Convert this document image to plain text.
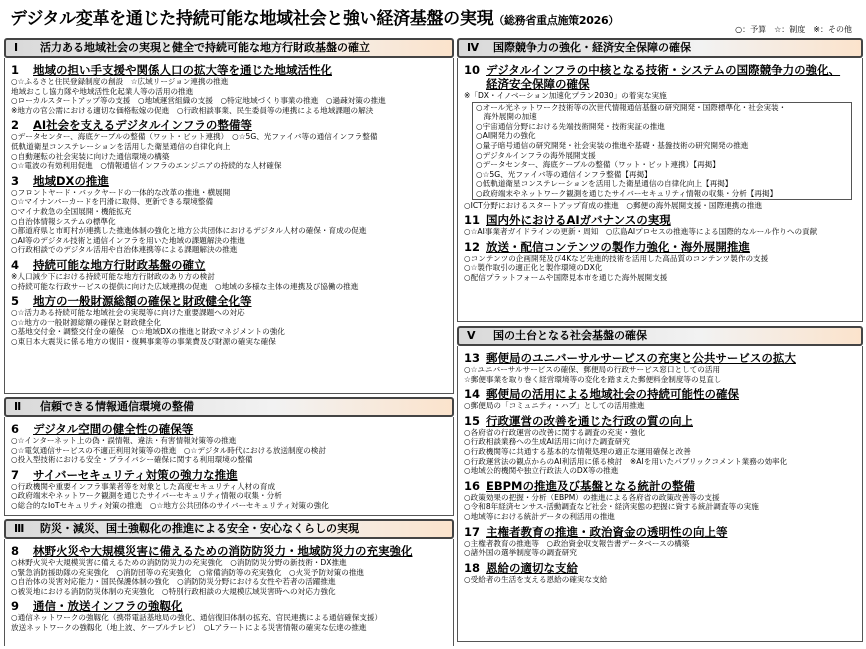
デジタル変革を通じた持続可能な地域社会と強い経済基盤の実現（総務省重点施策2026）
○：予算　☆：制度　※：その他
Ⅰ 活力ある地域社会の実現と健全で持続可能な地方行財政基盤の確立
1 地域の担い手支援や関係人口の拡大等を通じた地域活性化
○☆ふるさと住民登録制度の創設　☆広域リージョン連携の推進
地域おこし協力隊や地域活性化起業人等の活用の推進
○ローカルスタートアップ等の支援　○地域運営組織の支援　○特定地域づくり事業の推進　○過疎対策の推進
※地方の官公需における適切な価格転嫁の促進　○行政相談事業、民生委員等の連携による地域課題の解決
2 AI社会を支えるデジタルインフラの整備等
○データセンター、海底ケーブルの整備（ワット・ビット連携）　○☆5G、光ファイバ等の通信インフラ整備
低軌道衛星コンステレーションを活用した衛星通信の自律化向上
○自動運転の社会実装に向けた通信環境の構築
○☆電波の有効利用促進　○情報通信インフラのエンジニアの持続的な人材確保
3 地域DXの推進
○フロントヤード・バックヤードの一体的な改革の推進・横展開
○☆マイナンバーカードを円滑に取得、更新できる環境整備
○マイナ救急の全国展開・機能拡充
○自治体情報システムの標準化
○都道府県と市町村が連携した推進体制の強化と地方公共団体におけるデジタル人材の確保・育成の促進
○AI等のデジタル技術と通信インフラを用いた地域の課題解決の推進
○行政相談でのデジタル活用や自治体連携等による課題解決の推進
4 持続可能な地方行財政基盤の確立
※人口減少下における持続可能な地方行財政のあり方の検討
○持続可能な行政サービスの提供に向けた広域連携の促進　○地域の多様な主体の連携及び協働の推進
5 地方の一般財源総額の確保と財政健全化等
○☆活力ある持続可能な地域社会の実現等に向けた重要課題への対応
○☆地方の一般財源総額の確保と財政健全化
○基地交付金・調整交付金の確保　○☆地域DXの推進と財政マネジメントの強化
○東日本大震災に係る地方の復旧・復興事業等の事業費及び財源の確実な確保
Ⅱ 信頼できる情報通信環境の整備
6 デジタル空間の健全性の確保等
○☆インターネット上の偽・誤情報、違法・有害情報対策等の推進
○☆電気通信サービスの不適正利用対策等の推進　○☆デジタル時代における放送制度の検討
○投入型技術における安全・プライバシー確保に関する利用環境の整備
7 サイバーセキュリティ対策の強力な推進
○行政機関や重要インフラ事業者等を対象とした高度セキュリティ人材の育成
○政府端末やネットワーク観測を通じたサイバーセキュリティ情報の収集・分析
○総合的なIoTセキュリティ対策の推進　○☆地方公共団体のサイバーセキュリティ対策の強化
Ⅲ 防災・減災、国土強靱化の推進による安全・安心なくらしの実現
8 林野火災や大規模災害に備えるための消防防災力・地域防災力の充実強化
○林野火災や大規模災害に備えるための消防防災力の充実強化　○消防防災分野の新技術・DX推進
○緊急消防援助隊の充実強化　○消防団等の充実強化　○常備消防等の充実強化　○火災予防対策の推進
○自治体の災害対応能力・国民保護体制の強化　○消防防災分野における女性や若者の活躍推進
○被災地における消防防災体制の充実強化　○特別行政相談の大規模広域災害時への対応力強化
9 通信・放送インフラの強靱化
○通信ネットワークの強靱化（携帯電話基地局の強化、通信復旧体制の拡充、官民連携による通信確保支援）
放送ネットワークの強靱化（地上波、ケーブルテレビ）　○Lアラートによる災害情報の確実な伝達の推進
Ⅳ 国際競争力の強化・経済安全保障の確保
10 デジタルインフラの中核となる技術・システムの国際競争力の強化、
経済安全保障の確保
※「DX・イノベーション加速化プラン2030」の着実な実施
○オール光ネットワーク技術等の次世代情報通信基盤の研究開発・国際標準化・社会実装・
　海外展開の加速
○宇宙通信分野における先端技術開発・技術実証の推進
○AI開発力の強化
○量子暗号通信の研究開発・社会実装の推進や基礎・基盤技術の研究開発の推進
○デジタルインフラの海外展開支援
○データセンター、海底ケーブルの整備（ワット・ビット連携）【再掲】
○☆5G、光ファイバ等の通信インフラ整備【再掲】
○低軌道衛星コンステレーションを活用した衛星通信の自律化向上【再掲】
○政府端末やネットワーク観測を通じたサイバーセキュリティ情報の収集・分析【再掲】
○ICT分野におけるスタートアップ育成の推進　○郵便の海外展開支援・国際連携の推進
11 国内外におけるAIガバナンスの実現
○☆AI事業者ガイドラインの更新・周知　○広島AIプロセスの推進等による国際的なルール作りへの貢献
12 放送・配信コンテンツの製作力強化・海外展開推進
○コンテンツの企画開発及び4Kなど先進的技術を活用した高品質のコンテンツ製作の支援
○☆製作取引の適正化と製作環境のDX化
○配信プラットフォームや国際見本市を通じた海外展開支援
Ⅴ 国の土台となる社会基盤の確保
13 郵便局のユニバーサルサービスの充実と公共サービスの拡大
○☆ユニバーサルサービスの確保、郵便局の行政サービス窓口としての活用
☆郵便事業を取り巻く経営環境等の変化を踏まえた郵便料金制度等の見直し
14 郵便局の活用による地域社会の持続可能性の確保
○郵便局の「コミュニティ・ハブ」としての活用推進
15 行政運営の改善を通じた行政の質の向上
○各府省の行政運営の改善に関する調査の充実・強化
○行政相談業務への生成AI活用に向けた調査研究
○行政機関等に共通する基本的な情報処理の適正な運用確保と改善
○行政運営法の観点からのAI利活用に係る検討　※AIを用いたパブリックコメント業務の効率化
○地域公的機関や独立行政法人のDX等の推進
16 EBPMの推進及び基盤となる統計の整備
○政策効果の把握・分析（EBPM）の推進による各府省の政策改善等の支援
○令和8年経済センサス-活動調査など社会・経済実態の把握に資する統計調査等の実施
○地域等における統計データの利活用の推進
17 主権者教育の推進・政治資金の透明性の向上等
○主権者教育の推進等　○政治資金収支報告書データベースの構築
○諸外国の選挙制度等の調査研究
18 恩給の適切な支給
○受給者の生活を支える恩給の確実な支給
